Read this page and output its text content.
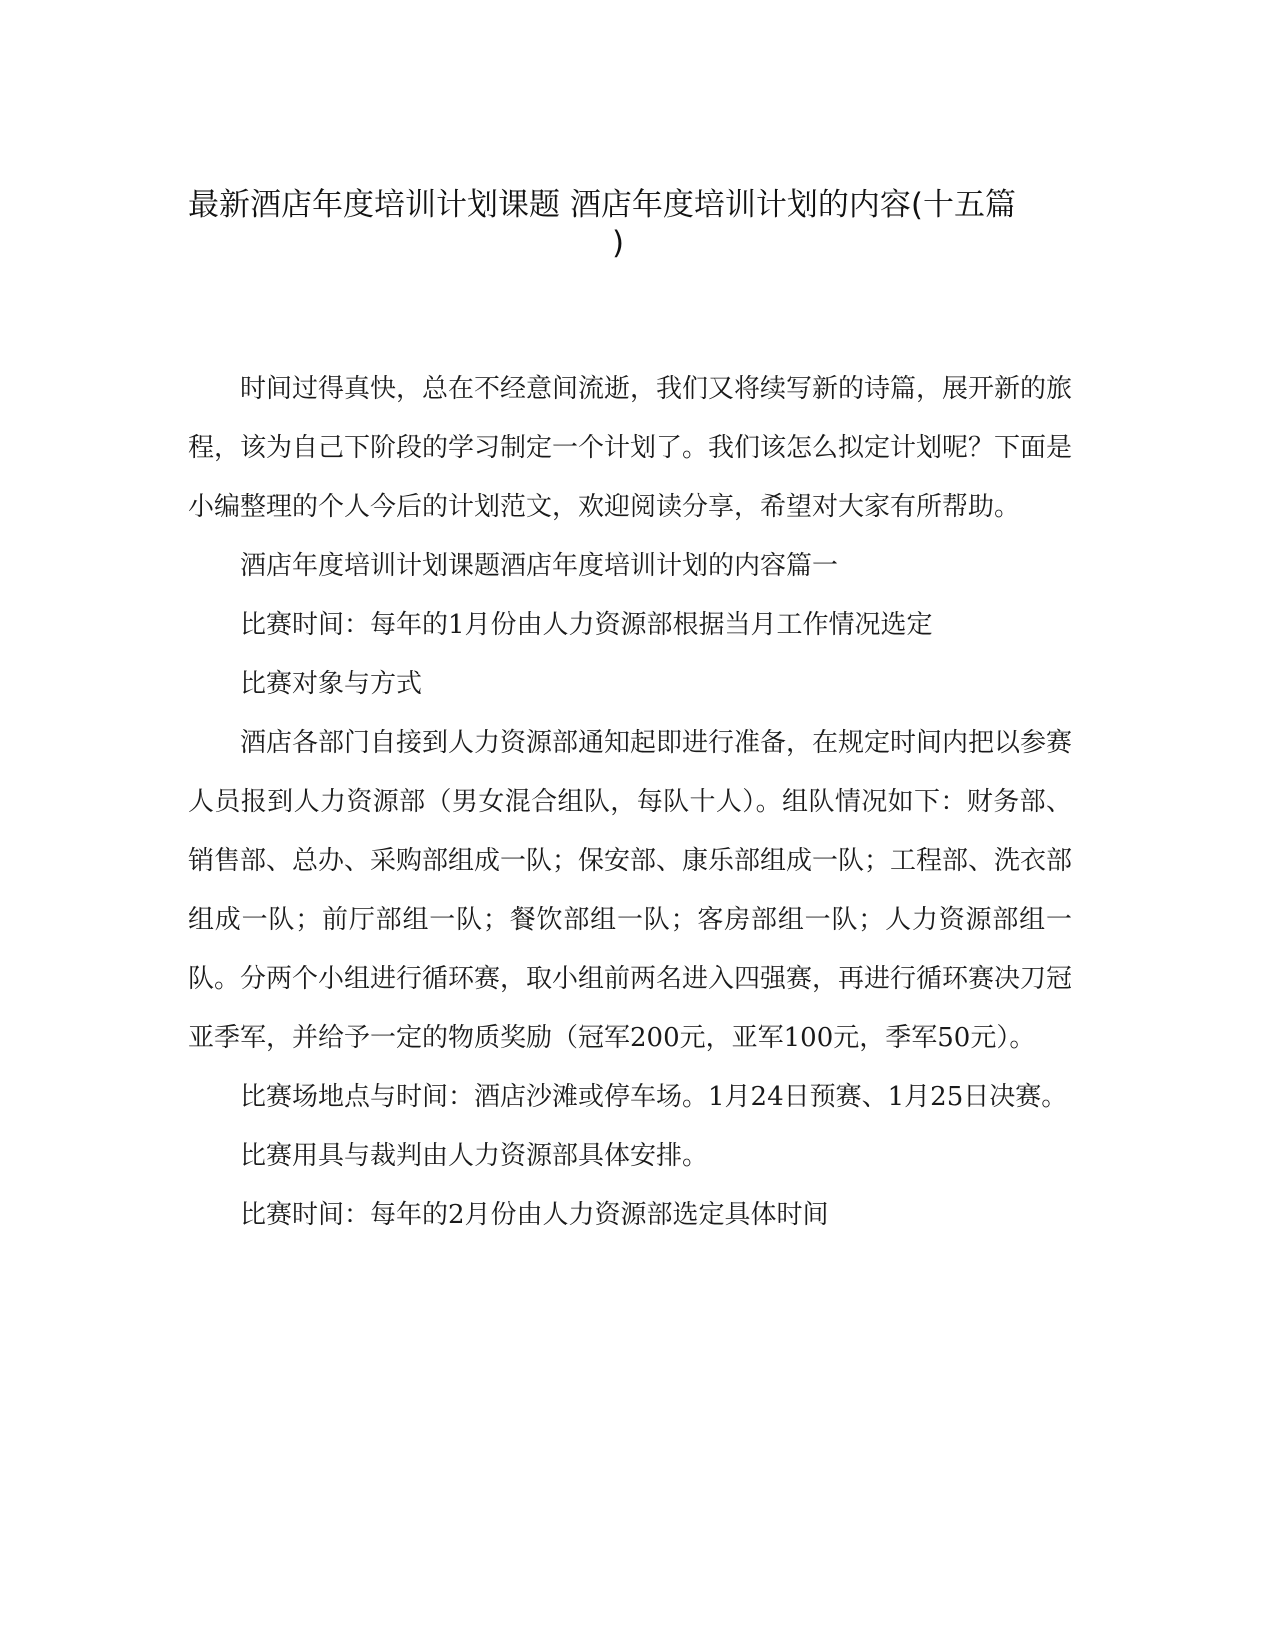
最新酒店年度培训计划课题 酒店年度培训计划的内容(十五篇
)

时间过得真快，总在不经意间流逝，我们又将续写新的诗篇，展开新的旅程，该为自己下阶段的学习制定一个计划了。我们该怎么拟定计划呢？下面是小编整理的个人今后的计划范文，欢迎阅读分享，希望对大家有所帮助。

酒店年度培训计划课题酒店年度培训计划的内容篇一

比赛时间：每年的1月份由人力资源部根据当月工作情况选定

比赛对象与方式

酒店各部门自接到人力资源部通知起即进行准备，在规定时间内把以参赛人员报到人力资源部（男女混合组队，每队十人）。组队情况如下：财务部、销售部、总办、采购部组成一队；保安部、康乐部组成一队；工程部、洗衣部组成一队；前厅部组一队；餐饮部组一队；客房部组一队；人力资源部组一队。分两个小组进行循环赛，取小组前两名进入四强赛，再进行循环赛决刀冠亚季军，并给予一定的物质奖励（冠军200元，亚军100元，季军50元）。

比赛场地点与时间：酒店沙滩或停车场。1月24日预赛、1月25日决赛。

比赛用具与裁判由人力资源部具体安排。

比赛时间：每年的2月份由人力资源部选定具体时间
